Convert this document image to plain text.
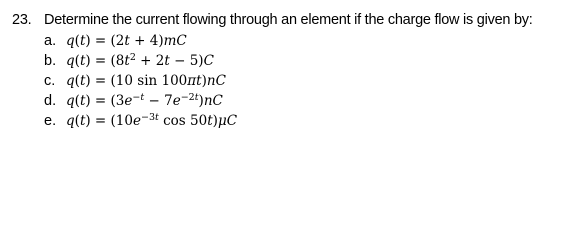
23. Determine the current flowing through an element if the charge flow is given by:
a. q(t) = (2t + 4)mC
b. $q(t) = (8t^2 + 2t - 5)C$
c. q(t) = (10 sin 100πt)nC
d. $q(t) = (3e^{-t} - 7e^{-2t})nC$
e. $q(t) = (10e^{-3t}$ cos 50t)μC
